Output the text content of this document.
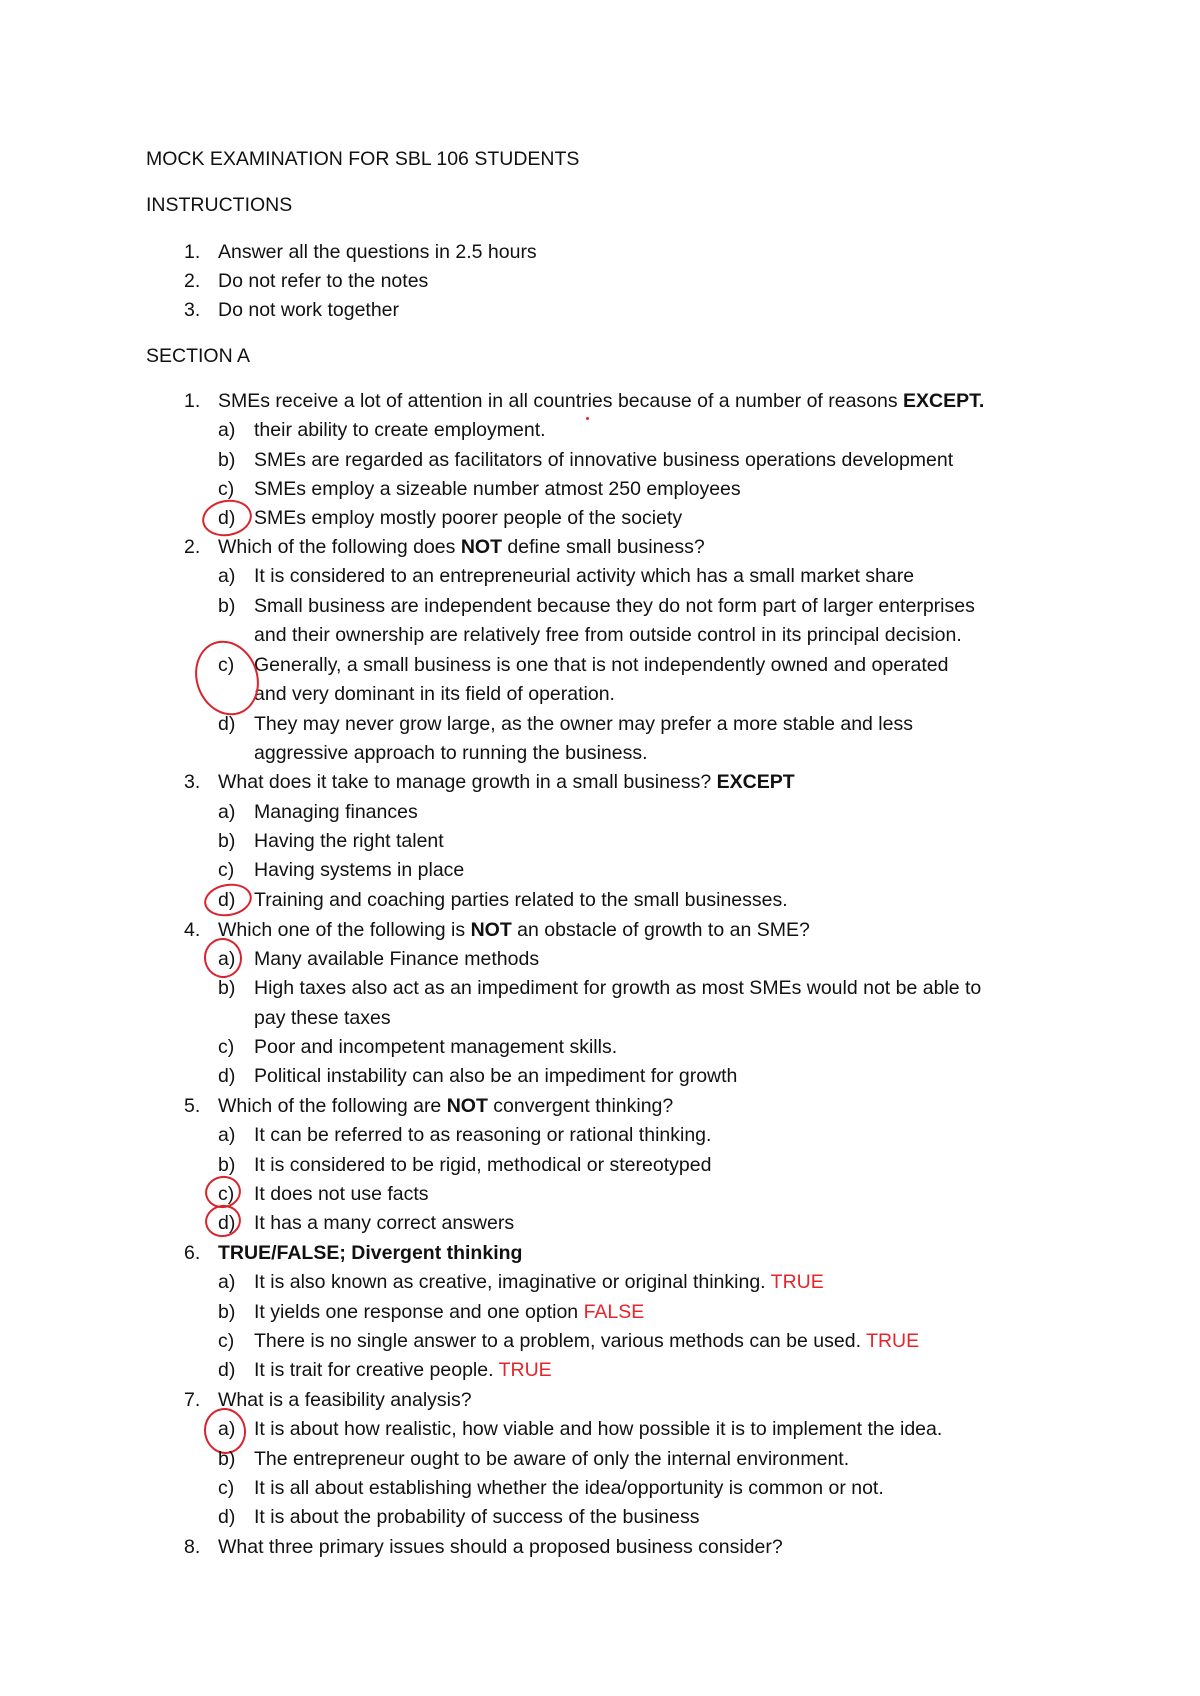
MOCK EXAMINATION FOR SBL 106 STUDENTS
INSTRUCTIONS
1. Answer all the questions in 2.5 hours
2. Do not refer to the notes
3. Do not work together
SECTION A
1. SMEs receive a lot of attention in all countries because of a number of reasons EXCEPT.
a) their ability to create employment.
b) SMEs are regarded as facilitators of innovative business operations development
c) SMEs employ a sizeable number atmost 250 employees
d) SMEs employ mostly poorer people of the society
2. Which of the following does NOT define small business?
a) It is considered to an entrepreneurial activity which has a small market share
b) Small business are independent because they do not form part of larger enterprises
and their ownership are relatively free from outside control in its principal decision.
c) Generally, a small business is one that is not independently owned and operated
and very dominant in its field of operation.
d) They may never grow large, as the owner may prefer a more stable and less
aggressive approach to running the business.
3. What does it take to manage growth in a small business? EXCEPT
a) Managing finances
b) Having the right talent
c) Having systems in place
d) Training and coaching parties related to the small businesses.
4. Which one of the following is NOT an obstacle of growth to an SME?
a) Many available Finance methods
b) High taxes also act as an impediment for growth as most SMEs would not be able to
pay these taxes
c) Poor and incompetent management skills.
d) Political instability can also be an impediment for growth
5. Which of the following are NOT convergent thinking?
a) It can be referred to as reasoning or rational thinking.
b) It is considered to be rigid, methodical or stereotyped
c) It does not use facts
d) It has a many correct answers
6. TRUE/FALSE; Divergent thinking
a) It is also known as creative, imaginative or original thinking. TRUE
b) It yields one response and one option FALSE
c) There is no single answer to a problem, various methods can be used. TRUE
d) It is trait for creative people. TRUE
7. What is a feasibility analysis?
a) It is about how realistic, how viable and how possible it is to implement the idea.
b) The entrepreneur ought to be aware of only the internal environment.
c) It is all about establishing whether the idea/opportunity is common or not.
d) It is about the probability of success of the business
8. What three primary issues should a proposed business consider?
